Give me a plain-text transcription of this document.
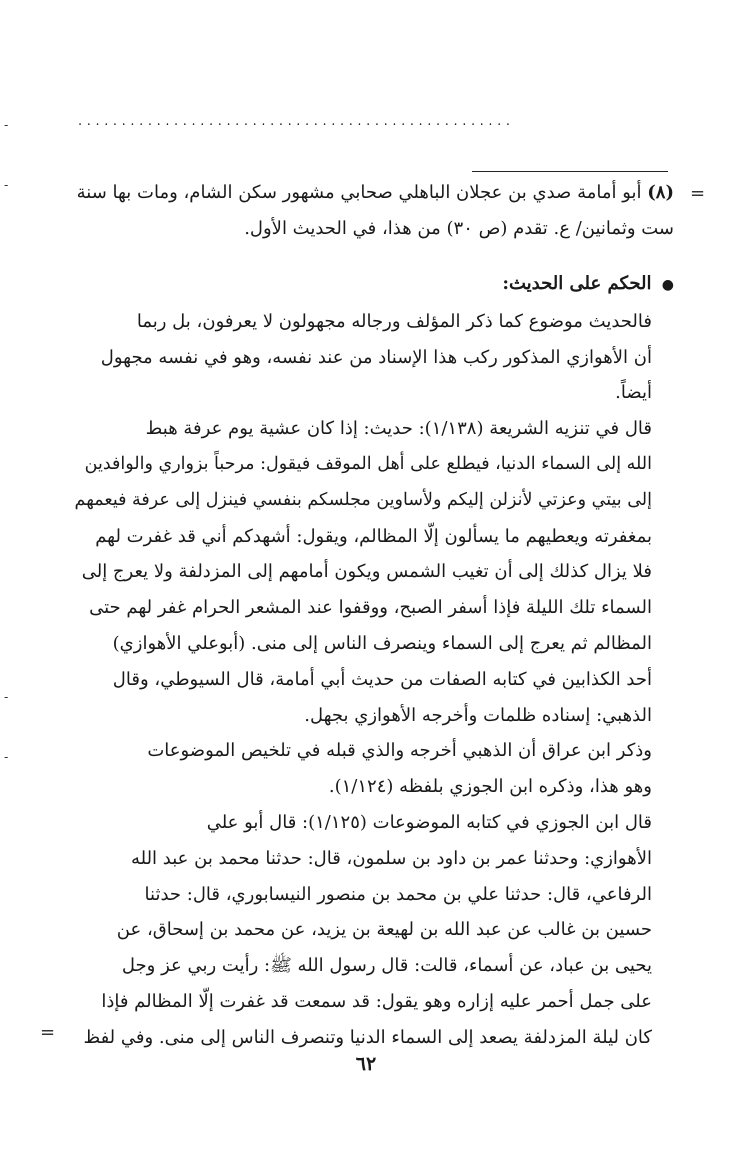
..................................................
-
-	=
-
-
=
(٨) أبو أمامة صدي بن عجلان الباهلي صحابي مشهور سكن الشام، ومات بها سنة
ست وثمانين/ ع. تقدم (ص ٣٠) من هذا، في الحديث الأول.
● الحكم على الحديث:
فالحديث موضوع كما ذكر المؤلف ورجاله مجهولون لا يعرفون، بل ربما
أن الأهوازي المذكور ركب هذا الإسناد من عند نفسه، وهو في نفسه مجهول
أيضاً.
قال في تنزيه الشريعة (١/١٣٨): حديث: إذا كان عشية يوم عرفة هبط
الله إلى السماء الدنيا، فيطلع على أهل الموقف فيقول: مرحباً بزواري والوافدين
إلى بيتي وعزتي لأنزلن إليكم ولأساوين مجلسكم بنفسي فينزل إلى عرفة فيعمهم
بمغفرته ويعطيهم ما يسألون إلّا المظالم، ويقول: أشهدكم أني قد غفرت لهم
فلا يزال كذلك إلى أن تغيب الشمس ويكون أمامهم إلى المزدلفة ولا يعرج إلى
السماء تلك الليلة فإذا أسفر الصبح، ووقفوا عند المشعر الحرام غفر لهم حتى
المظالم ثم يعرج إلى السماء وينصرف الناس إلى منى. (أبوعلي الأهوازي)
أحد الكذابين في كتابه الصفات من حديث أبي أمامة، قال السيوطي، وقال
الذهبي: إسناده ظلمات وأخرجه الأهوازي بجهل.
وذكر ابن عراق أن الذهبي أخرجه والذي قبله في تلخيص الموضوعات
وهو هذا، وذكره ابن الجوزي بلفظه (١/١٢٤).
قال ابن الجوزي في كتابه الموضوعات (١/١٢٥): قال أبو علي
الأهوازي: وحدثنا عمر بن داود بن سلمون، قال: حدثنا محمد بن عبد الله
الرفاعي، قال: حدثنا علي بن محمد بن منصور النيسابوري، قال: حدثنا
حسين بن غالب عن عبد الله بن لهيعة بن يزيد، عن محمد بن إسحاق، عن
يحيى بن عباد، عن أسماء، قالت: قال رسول الله ﷺ: رأيت ربي عز وجل
على جمل أحمر عليه إزاره وهو يقول: قد سمعت قد غفرت إلّا المظالم فإذا
كان ليلة المزدلفة يصعد إلى السماء الدنيا وتنصرف الناس إلى منى. وفي لفظ
٦٢
